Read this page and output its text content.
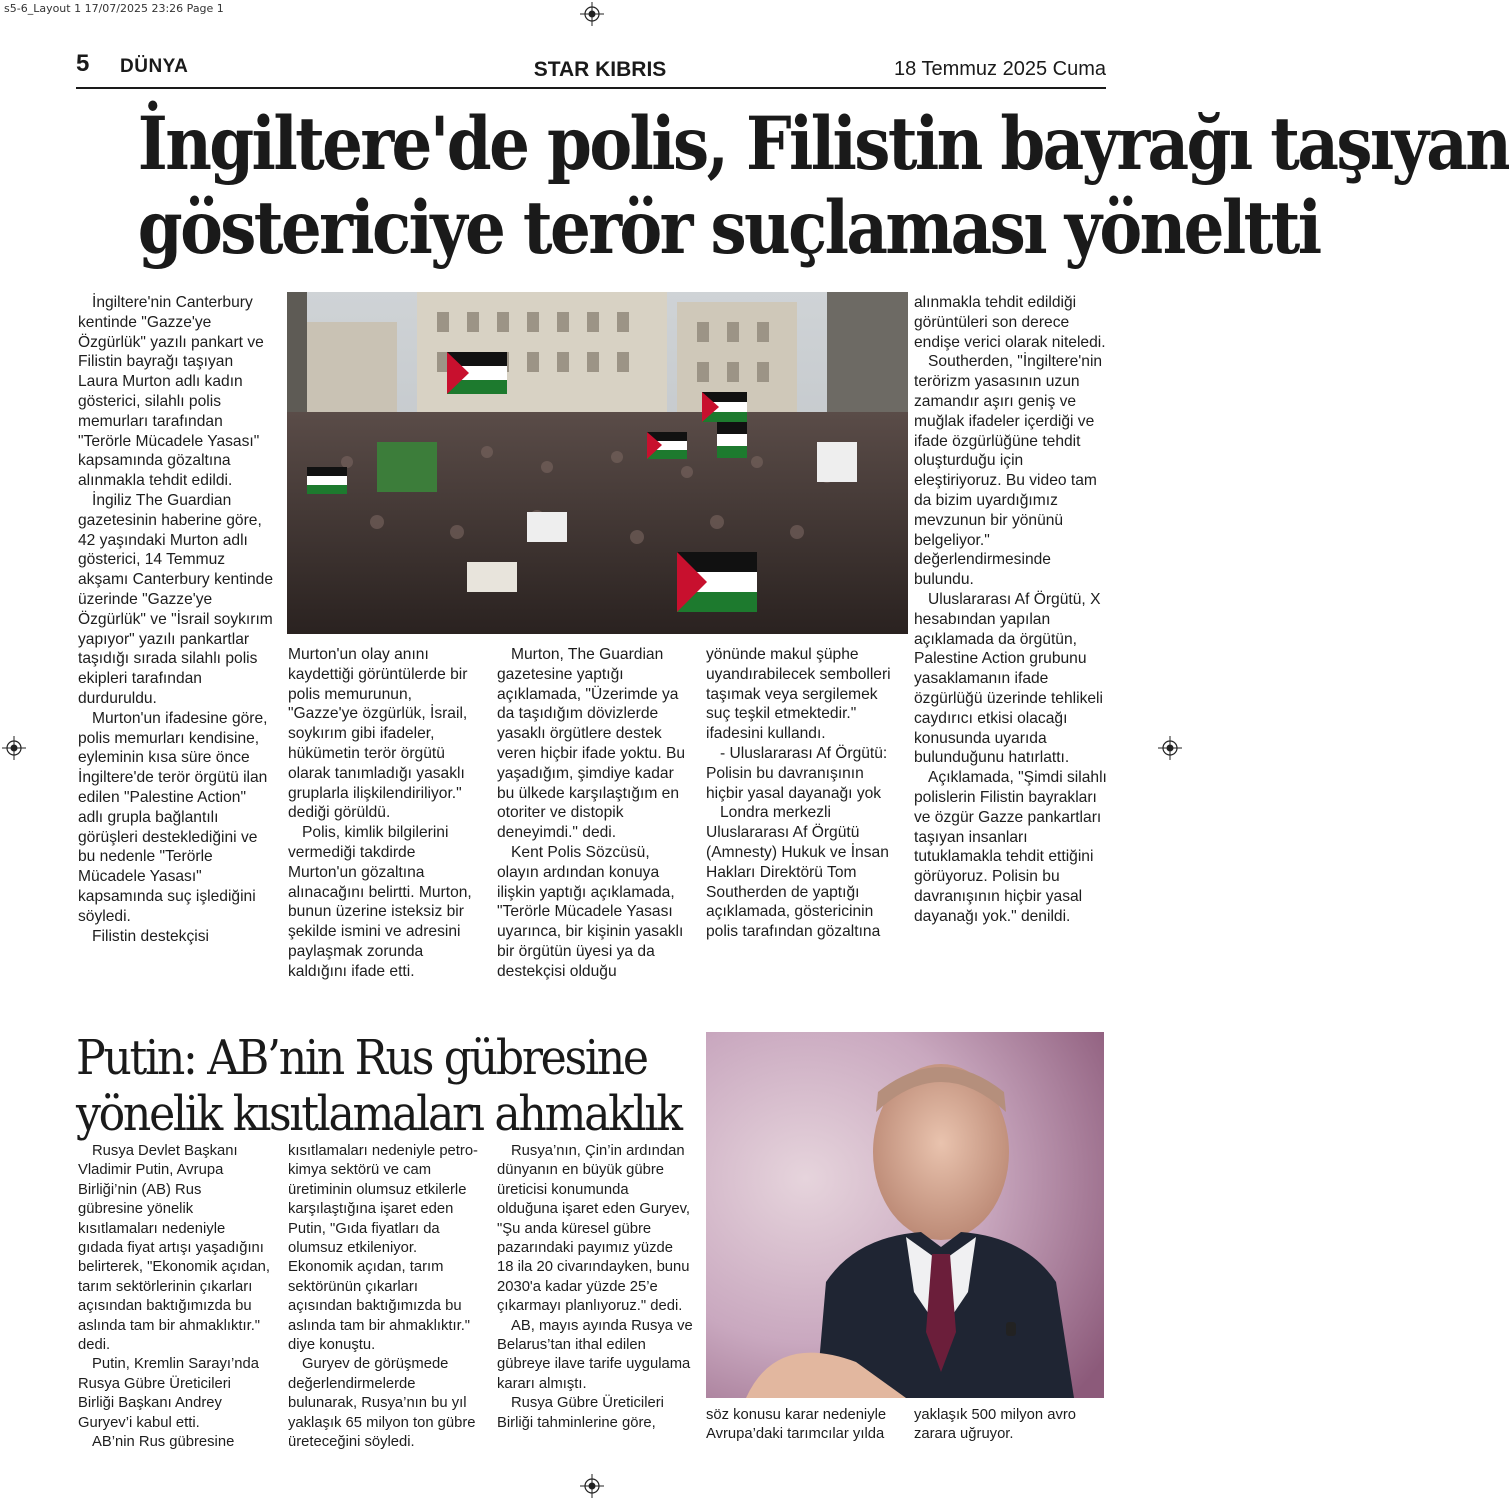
s5-6_Layout 1 17/07/2025 23:26 Page 1
5 DÜNYA	STAR KIBRIS	18 Temmuz 2025 Cuma
İngiltere'de polis, Filistin bayrağı taşıyan
göstericiye terör suçlaması yöneltti

İngiltere'nin Canterbury kentinde "Gazze'ye Özgürlük" yazılı pankart ve Filistin bayrağı taşıyan Laura Murton adlı kadın gösterici, silahlı polis memurları tarafından "Terörle Mücadele Yasası" kapsamında gözaltına alınmakla tehdit edildi.

İngiliz The Guardian gazetesinin haberine göre, 42 yaşındaki Murton adlı gösterici, 14 Temmuz akşamı Canterbury kentinde üzerinde "Gazze'ye Özgürlük" ve "İsrail soykırım yapıyor" yazılı pankartlar taşıdığı sırada silahlı polis ekipleri tarafından durduruldu.

Murton'un ifadesine göre, polis memurları kendisine, eyleminin kısa süre önce İngiltere'de terör örgütü ilan edilen "Palestine Action" adlı grupla bağlantılı görüşleri desteklediğini ve bu nedenle "Terörle Mücadele Yasası" kapsamında suç işlediğini söyledi.

Filistin destekçisi

Murton'un olay anını kaydettiği görüntülerde bir polis memurunun, "Gazze'ye özgürlük, İsrail, soykırım gibi ifadeler, hükümetin terör örgütü olarak tanımladığı yasaklı gruplarla ilişkilendiriliyor." dediği görüldü.

Polis, kimlik bilgilerini vermediği takdirde Murton'un gözaltına alınacağını belirtti. Murton, bunun üzerine isteksiz bir şekilde ismini ve adresini paylaşmak zorunda kaldığını ifade etti.

Murton, The Guardian gazetesine yaptığı açıklamada, "Üzerimde ya da taşıdığım dövizlerde yasaklı örgütlere destek veren hiçbir ifade yoktu. Bu yaşadığım, şimdiye kadar bu ülkede karşılaştığım en otoriter ve distopik deneyimdi." dedi.

Kent Polis Sözcüsü, olayın ardından konuya ilişkin yaptığı açıklamada, "Terörle Mücadele Yasası uyarınca, bir kişinin yasaklı bir örgütün üyesi ya da destekçisi olduğu

yönünde makul şüphe uyandırabilecek sembolleri taşımak veya sergilemek suç teşkil etmektedir." ifadesini kullandı.

- Uluslararası Af Örgütü: Polisin bu davranışının hiçbir yasal dayanağı yok

Londra merkezli Uluslararası Af Örgütü (Amnesty) Hukuk ve İnsan Hakları Direktörü Tom Southerden de yaptığı açıklamada, göstericinin polis tarafından gözaltına

alınmakla tehdit edildiği görüntüleri son derece endişe verici olarak niteledi.

Southerden, "İngiltere'nin terörizm yasasının uzun zamandır aşırı geniş ve muğlak ifadeler içerdiği ve ifade özgürlüğüne tehdit oluşturduğu için eleştiriyoruz. Bu video tam da bizim uyardığımız mevzunun bir yönünü belgeliyor." değerlendirmesinde bulundu.

Uluslararası Af Örgütü, X hesabından yapılan açıklamada da örgütün, Palestine Action grubunu yasaklamanın ifade özgürlüğü üzerinde tehlikeli caydırıcı etkisi olacağı konusunda uyarıda bulunduğunu hatırlattı.

Açıklamada, "Şimdi silahlı polislerin Filistin bayrakları ve özgür Gazze pankartları taşıyan insanları tutuklamakla tehdit ettiğini görüyoruz. Polisin bu davranışının hiçbir yasal dayanağı yok." denildi.

Putin: AB’nin Rus gübresine
yönelik kısıtlamaları ahmaklık

Rusya Devlet Başkanı Vladimir Putin, Avrupa Birliği’nin (AB) Rus gübresine yönelik kısıtlamaları nedeniyle gıdada fiyat artışı yaşadığını belirterek, "Ekonomik açıdan, tarım sektörlerinin çıkarları açısından baktığımızda bu aslında tam bir ahmaklıktır." dedi.

Putin, Kremlin Sarayı’nda Rusya Gübre Üreticileri Birliği Başkanı Andrey Guryev’i kabul etti.

AB’nin Rus gübresine

kısıtlamaları nedeniyle petro-kimya sektörü ve cam üretiminin olumsuz etkilerle karşılaştığına işaret eden Putin, "Gıda fiyatları da olumsuz etkileniyor. Ekonomik açıdan, tarım sektörünün çıkarları açısından baktığımızda bu aslında tam bir ahmaklıktır." diye konuştu.

Guryev de görüşmede değerlendirmelerde bulunarak, Rusya’nın bu yıl yaklaşık 65 milyon ton gübre üreteceğini söyledi.

Rusya’nın, Çin’in ardından dünyanın en büyük gübre üreticisi konumunda olduğuna işaret eden Guryev, "Şu anda küresel gübre pazarındaki payımız yüzde 18 ila 20 civarındayken, bunu 2030'a kadar yüzde 25’e çıkarmayı planlıyoruz." dedi.

AB, mayıs ayında Rusya ve Belarus’tan ithal edilen gübreye ilave tarife uygulama kararı almıştı.

Rusya Gübre Üreticileri Birliği tahminlerine göre,	söz konusu karar nedeniyle Avrupa’daki tarımcılar yılda

yaklaşık 500 milyon avro zarara uğruyor.
